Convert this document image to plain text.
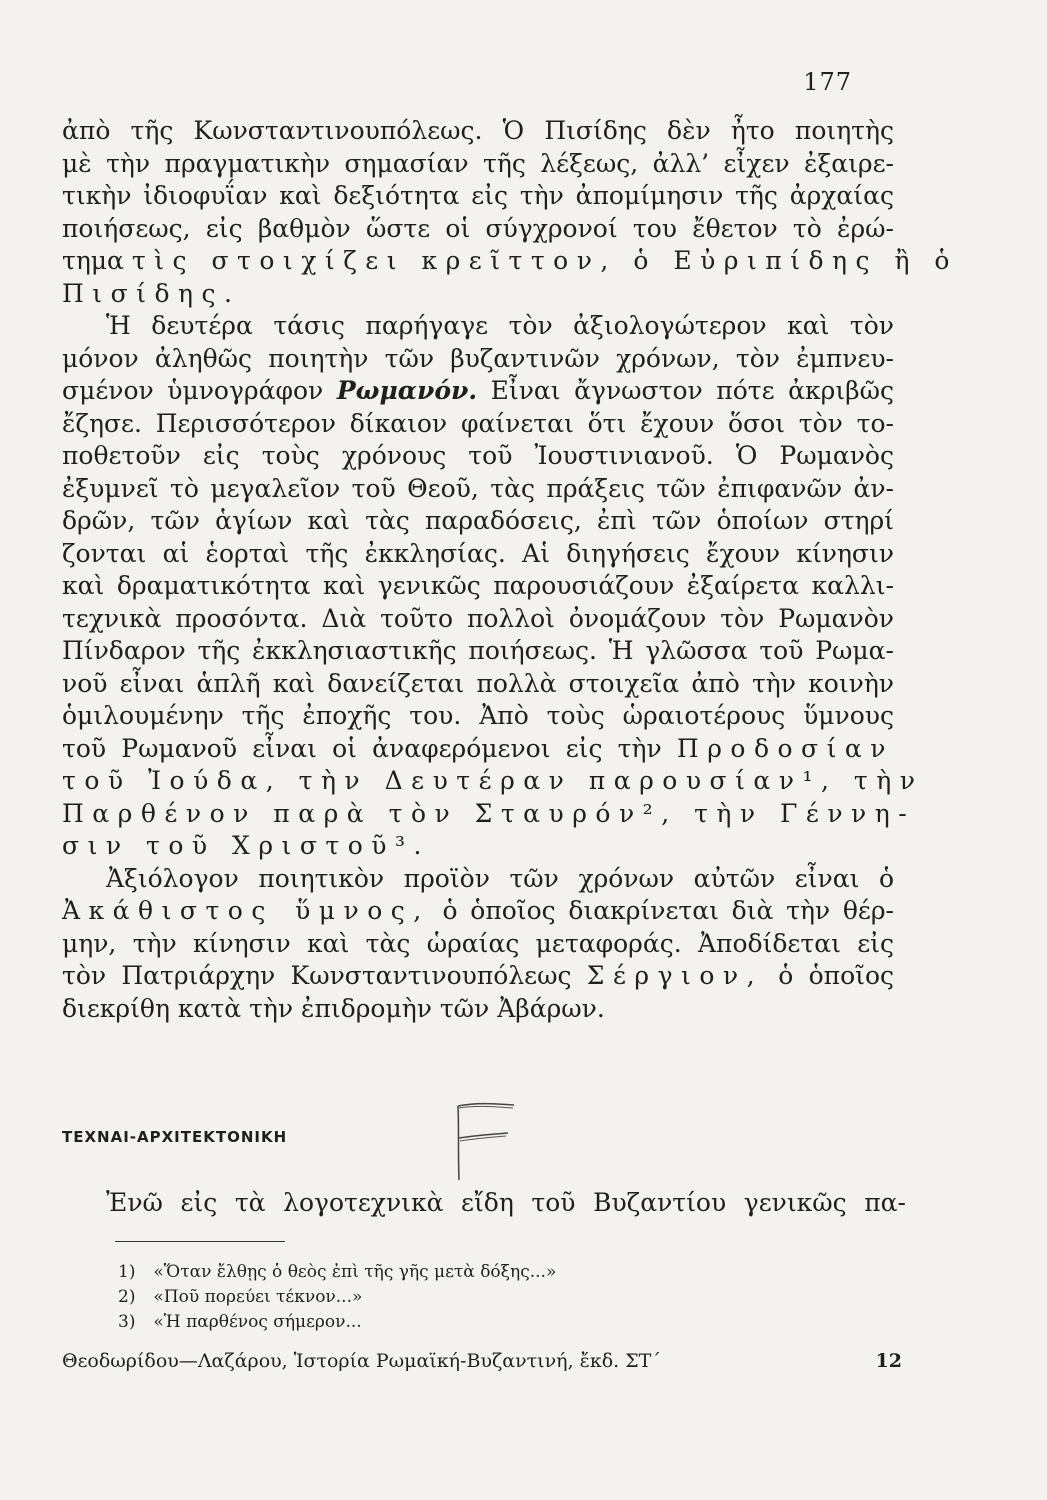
177
ἀπὸ τῆς Κωνσταντινουπόλεως. Ὁ Πισίδης δὲν ἦτο ποιητὴς
μὲ τὴν πραγματικὴν σημασίαν τῆς λέξεως, ἀλλ’ εἶχεν ἐξαιρε-
τικὴν ἰδιοφυΐαν καὶ δεξιότητα εἰς τὴν ἀπομίμησιν τῆς ἀρχαίας
ποιήσεως, εἰς βαθμὸν ὥστε οἱ σύγχρονοί του ἔθετον τὸ ἐρώ-
τημα τὶς στοιχίζει κρεῖττον, ὁ Εὐριπίδης ἢ ὁ
Πισίδης.
Ἡ δευτέρα τάσις παρήγαγε τὸν ἀξιολογώτερον καὶ τὸν
μόνον ἀληθῶς ποιητὴν τῶν βυζαντινῶν χρόνων, τὸν ἐμπνευ-
σμένον ὑμνογράφον Ρωμανόν. Εἶναι ἄγνωστον πότε ἀκριβῶς
ἔζησε. Περισσότερον δίκαιον φαίνεται ὅτι ἔχουν ὅσοι τὸν το-
ποθετοῦν εἰς τοὺς χρόνους τοῦ Ἰουστινιανοῦ. Ὁ Ρωμανὸς
ἐξυμνεῖ τὸ μεγαλεῖον τοῦ Θεοῦ, τὰς πράξεις τῶν ἐπιφανῶν ἀν-
δρῶν, τῶν ἁγίων καὶ τὰς παραδόσεις, ἐπὶ τῶν ὁποίων στηρί
ζονται αἱ ἑορταὶ τῆς ἐκκλησίας. Αἱ διηγήσεις ἔχουν κίνησιν
καὶ δραματικότητα καὶ γενικῶς παρουσιάζουν ἐξαίρετα καλλι-
τεχνικὰ προσόντα. Διὰ τοῦτο πολλοὶ ὀνομάζουν τὸν Ρωμανὸν
Πίνδαρον τῆς ἐκκλησιαστικῆς ποιήσεως. Ἡ γλῶσσα τοῦ Ρωμα-
νοῦ εἶναι ἁπλῆ καὶ δανείζεται πολλὰ στοιχεῖα ἀπὸ τὴν κοινὴν
ὁμιλουμένην τῆς ἐποχῆς του. Ἀπὸ τοὺς ὡραιοτέρους ὕμνους
τοῦ Ρωμανοῦ εἶναι οἱ ἀναφερόμενοι εἰς τὴν Προδοσίαν
τοῦ Ἰούδα, τὴν Δευτέραν παρουσίαν¹, τὴν
Παρθένον παρὰ τὸν Σταυρόν², τὴν Γέννη-
σιν τοῦ Χριστοῦ³.
Ἀξιόλογον ποιητικὸν προϊὸν τῶν χρόνων αὐτῶν εἶναι ὁ
Ἀκάθιστος ὕμνος, ὁ ὁποῖος διακρίνεται διὰ τὴν θέρ-
μην, τὴν κίνησιν καὶ τὰς ὡραίας μεταφοράς. Ἀποδίδεται εἰς
τὸν Πατριάρχην Κωνσταντινουπόλεως Σέργιον, ὁ ὁποῖος
διεκρίθη κατὰ τὴν ἐπιδρομὴν τῶν Ἀβάρων.
ΤΕΧΝΑΙ-ΑΡΧΙΤΕΚΤΟΝΙΚΗ
Ἐνῶ εἰς τὰ λογοτεχνικὰ εἴδη τοῦ Βυζαντίου γενικῶς πα-
1) «Ὅταν ἔλθῃς ὁ θεὸς ἐπὶ τῆς γῆς μετὰ δόξης...»
2) «Ποῦ πορεύει τέκνον...»
3) «Ἡ παρθένος σήμερον...
Θεοδωρίδου—Λαζάρου, Ἱστορία Ρωμαϊκή-Βυζαντινή, ἔκδ. ΣΤ´	12
